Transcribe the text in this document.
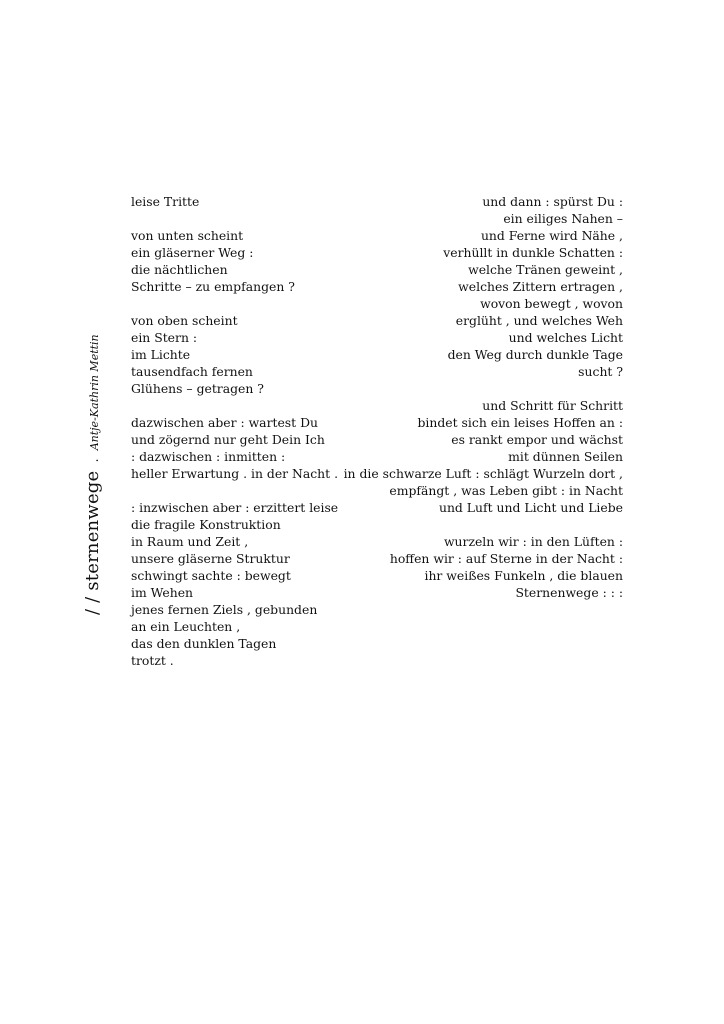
/ / sternenwege . Antje-Kathrin Mettin
leise Tritte
von unten scheint
ein gläserner Weg :
die nächtlichen
Schritte – zu empfangen ?
von oben scheint
ein Stern :
im Lichte
tausendfach fernen
Glühens – getragen ?
dazwischen aber : wartest Du
und zögernd nur geht Dein Ich
: dazwischen : inmitten :
heller Erwartung . in der Nacht .
: inzwischen aber : erzittert leise
die fragile Konstruktion
in Raum und Zeit ,
unsere gläserne Struktur
schwingt sachte : bewegt
im Wehen
jenes fernen Ziels , gebunden
an ein Leuchten ,
das den dunklen Tagen
trotzt .
und dann : spürst Du :
ein eiliges Nahen –
und Ferne wird Nähe ,
verhüllt in dunkle Schatten :
welche Tränen geweint ,
welches Zittern ertragen ,
wovon bewegt , wovon
erglüht , und welches Weh
und welches Licht
den Weg durch dunkle Tage
sucht ?
und Schritt für Schritt
bindet sich ein leises Hoffen an :
es rankt empor und wächst
mit dünnen Seilen
in die schwarze Luft : schlägt Wurzeln dort ,
empfängt , was Leben gibt : in Nacht
und Luft und Licht und Liebe
wurzeln wir : in den Lüften :
hoffen wir : auf Sterne in der Nacht :
ihr weißes Funkeln , die blauen
Sternenwege : : :
